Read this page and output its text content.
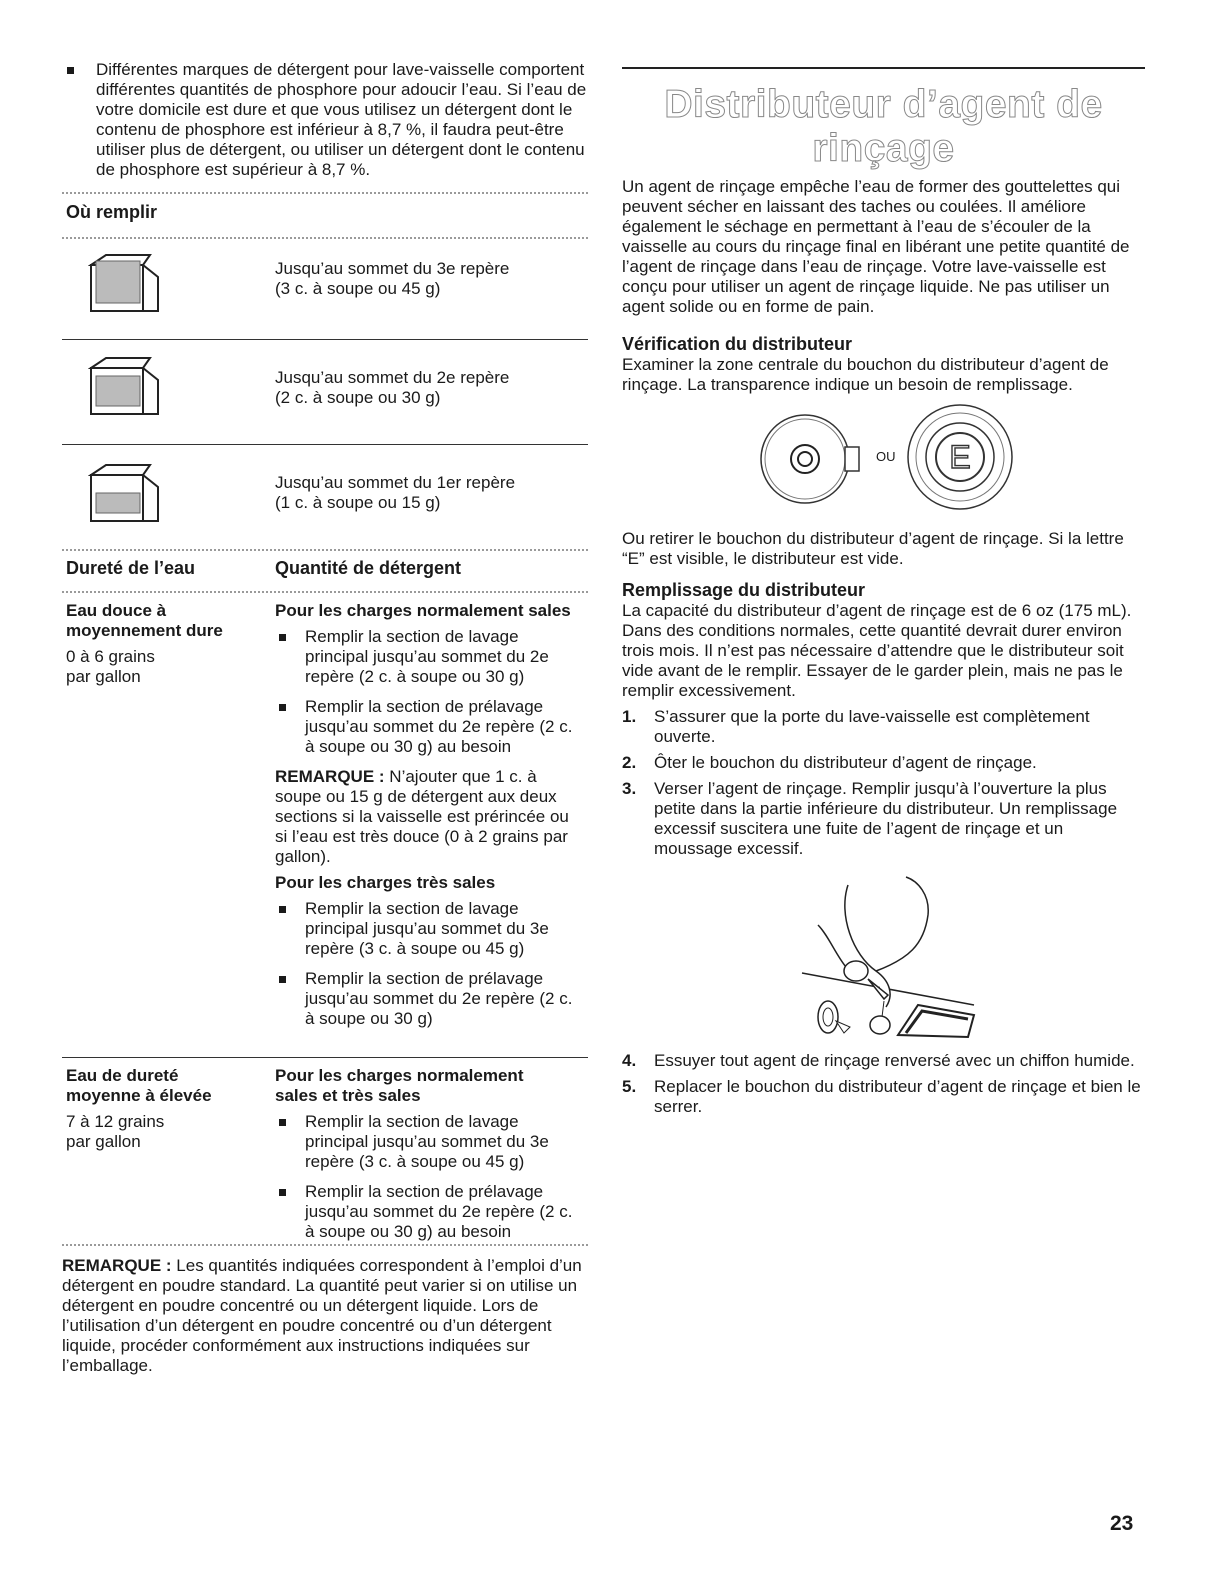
Différentes marques de détergent pour lave-vaisselle comportent différentes quantités de phosphore pour adoucir l’eau. Si l’eau de votre domicile est dure et que vous utilisez un détergent dont le contenu de phosphore est inférieur à 8,7 %, il faudra peut-être utiliser plus de détergent, ou utiliser un détergent dont le contenu de phosphore est supérieur à 8,7 %.
Où remplir
Jusqu’au sommet du 3e repère
(3 c. à soupe ou 45 g)
Jusqu’au sommet du 2e repère
(2 c. à soupe ou 30 g)
Jusqu’au sommet du 1er repère
(1 c. à soupe ou 15 g)
Dureté de l’eau	Quantité de détergent
Eau douce à moyennement dure
0 à 6 grains par gallon
Pour les charges normalement sales
Remplir la section de lavage principal jusqu’au sommet du 2e repère (2 c. à soupe ou 30 g)
Remplir la section de prélavage jusqu’au sommet du 2e repère (2 c. à soupe ou 30 g) au besoin
REMARQUE : N’ajouter que 1 c. à soupe ou 15 g de détergent aux deux sections si la vaisselle est prérincée ou si l’eau est très douce (0 à 2 grains par gallon).
Pour les charges très sales
Remplir la section de lavage principal jusqu’au sommet du 3e repère (3 c. à soupe ou 45 g)
Remplir la section de prélavage jusqu’au sommet du 2e repère (2 c. à soupe ou 30 g)
Eau de dureté moyenne à élevée
7 à 12 grains par gallon
Pour les charges normalement sales et très sales
Remplir la section de lavage principal jusqu’au sommet du 3e repère (3 c. à soupe ou 45 g)
Remplir la section de prélavage jusqu’au sommet du 2e repère (2 c. à soupe ou 30 g) au besoin
REMARQUE : Les quantités indiquées correspondent à l’emploi d’un détergent en poudre standard. La quantité peut varier si on utilise un détergent en poudre concentré ou un détergent liquide. Lors de l’utilisation d’un détergent en poudre concentré ou d’un détergent liquide, procéder conformément aux instructions indiquées sur l’emballage.
Distributeur d’agent de rinçage
Un agent de rinçage empêche l’eau de former des gouttelettes qui peuvent sécher en laissant des taches ou coulées. Il améliore également le séchage en permettant à l’eau de s’écouler de la vaisselle au cours du rinçage final en libérant une petite quantité de l’agent de rinçage dans l’eau de rinçage. Votre lave-vaisselle est conçu pour utiliser un agent de rinçage liquide. Ne pas utiliser un agent solide ou en forme de pain.
Vérification du distributeur
Examiner la zone centrale du bouchon du distributeur d’agent de rinçage. La transparence indique un besoin de remplissage.
OU E
Ou retirer le bouchon du distributeur d’agent de rinçage. Si la lettre “E” est visible, le distributeur est vide.
Remplissage du distributeur
La capacité du distributeur d’agent de rinçage est de 6 oz (175 mL). Dans des conditions normales, cette quantité devrait durer environ trois mois. Il n’est pas nécessaire d’attendre que le distributeur soit vide avant de le remplir. Essayer de le garder plein, mais ne pas le remplir excessivement.
1. S’assurer que la porte du lave-vaisselle est complètement ouverte.
2. Ôter le bouchon du distributeur d’agent de rinçage.
3. Verser l’agent de rinçage. Remplir jusqu’à l’ouverture la plus petite dans la partie inférieure du distributeur. Un remplissage excessif suscitera une fuite de l’agent de rinçage et un moussage excessif.
4. Essuyer tout agent de rinçage renversé avec un chiffon humide.
5. Replacer le bouchon du distributeur d’agent de rinçage et bien le serrer.
23
